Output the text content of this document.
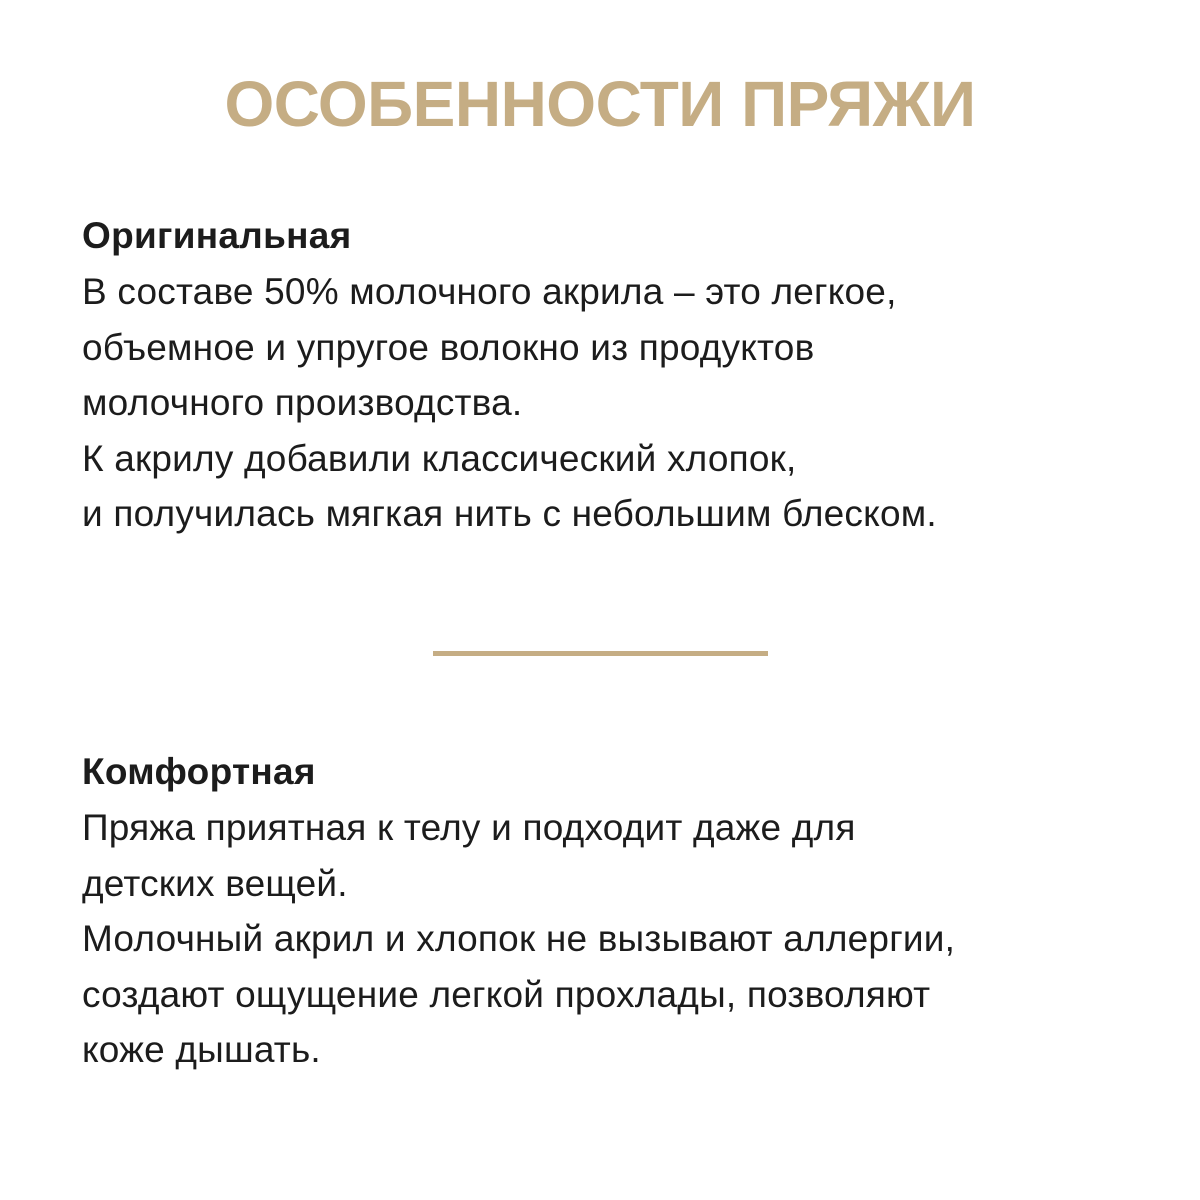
ОСОБЕННОСТИ ПРЯЖИ
Оригинальная
В составе 50% молочного акрила – это легкое,
объемное и упругое волокно из продуктов
молочного производства.
К акрилу добавили классический хлопок,
и получилась мягкая нить с небольшим блеском.
Комфортная
Пряжа приятная к телу и подходит даже для
детских вещей.
Молочный акрил и хлопок не вызывают аллергии,
создают ощущение легкой прохлады, позволяют
коже дышать.
